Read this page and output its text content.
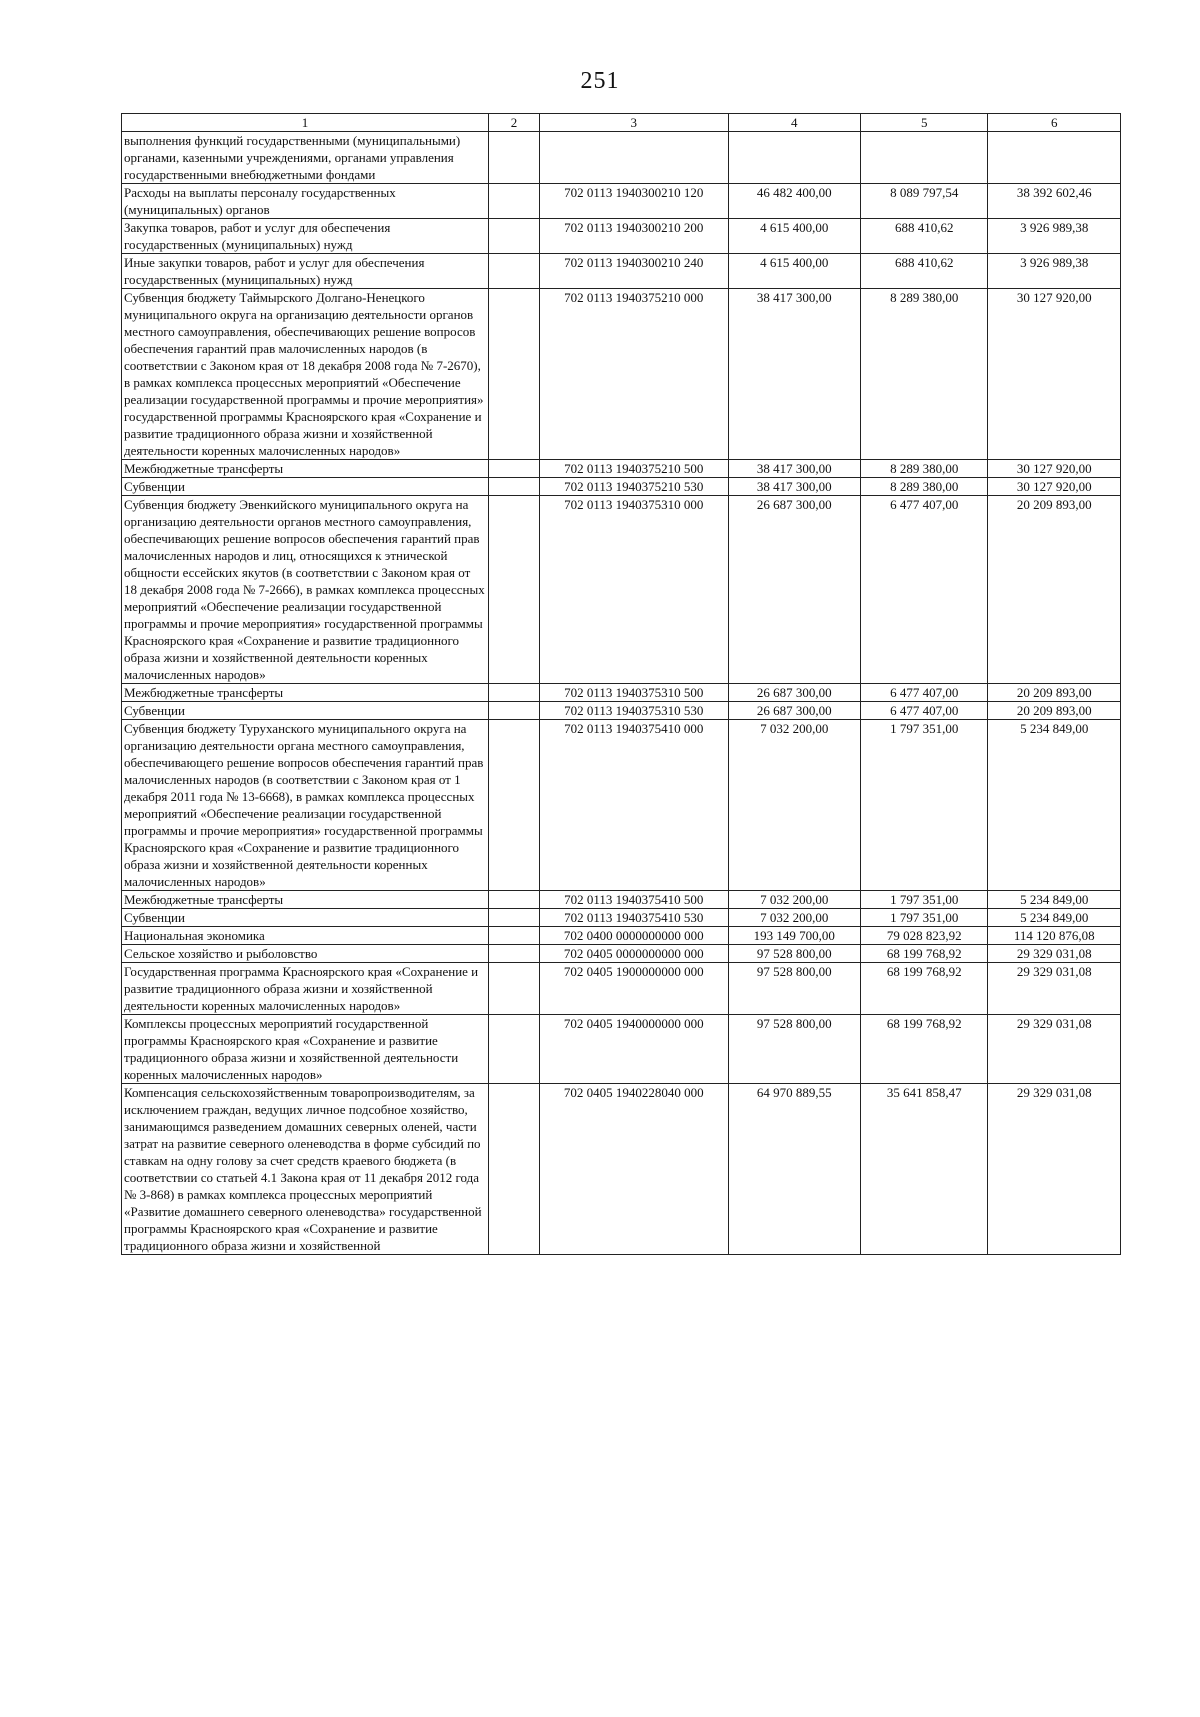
251
1	2	3	4	5	6
выполнения функций государственными (муниципальными) органами, казенными учреждениями, органами управления государственными внебюджетными фондами					
Расходы на выплаты персоналу государственных (муниципальных) органов		702 0113 1940300210 120	46 482 400,00	8 089 797,54	38 392 602,46
Закупка товаров, работ и услуг для обеспечения государственных (муниципальных) нужд		702 0113 1940300210 200	4 615 400,00	688 410,62	3 926 989,38
Иные закупки товаров, работ и услуг для обеспечения государственных (муниципальных) нужд		702 0113 1940300210 240	4 615 400,00	688 410,62	3 926 989,38
Субвенция бюджету Таймырского Долгано-Ненецкого муниципального округа на организацию деятельности органов местного самоуправления, обеспечивающих решение вопросов обеспечения гарантий прав малочисленных народов (в соответствии с Законом края от 18 декабря 2008 года № 7-2670), в рамках комплекса процессных мероприятий «Обеспечение реализации государственной программы и прочие мероприятия» государственной программы Красноярского края «Сохранение и развитие традиционного образа жизни и хозяйственной деятельности коренных малочисленных народов»		702 0113 1940375210 000	38 417 300,00	8 289 380,00	30 127 920,00
Межбюджетные трансферты		702 0113 1940375210 500	38 417 300,00	8 289 380,00	30 127 920,00
Субвенции		702 0113 1940375210 530	38 417 300,00	8 289 380,00	30 127 920,00
Субвенция бюджету Эвенкийского муниципального округа на организацию деятельности органов местного самоуправления, обеспечивающих решение вопросов обеспечения гарантий прав малочисленных народов и лиц, относящихся к этнической общности ессейских якутов (в соответствии с Законом края от 18 декабря 2008 года № 7-2666), в рамках комплекса процессных мероприятий «Обеспечение реализации государственной программы и прочие мероприятия» государственной программы Красноярского края «Сохранение и развитие традиционного образа жизни и хозяйственной деятельности коренных малочисленных народов»		702 0113 1940375310 000	26 687 300,00	6 477 407,00	20 209 893,00
Межбюджетные трансферты		702 0113 1940375310 500	26 687 300,00	6 477 407,00	20 209 893,00
Субвенции		702 0113 1940375310 530	26 687 300,00	6 477 407,00	20 209 893,00
Субвенция бюджету Туруханского муниципального округа на организацию деятельности органа местного самоуправления, обеспечивающего решение вопросов обеспечения гарантий прав малочисленных народов (в соответствии с Законом края от 1 декабря 2011 года № 13-6668), в рамках комплекса процессных мероприятий «Обеспечение реализации государственной программы и прочие мероприятия» государственной программы Красноярского края «Сохранение и развитие традиционного образа жизни и хозяйственной деятельности коренных малочисленных народов»		702 0113 1940375410 000	7 032 200,00	1 797 351,00	5 234 849,00
Межбюджетные трансферты		702 0113 1940375410 500	7 032 200,00	1 797 351,00	5 234 849,00
Субвенции		702 0113 1940375410 530	7 032 200,00	1 797 351,00	5 234 849,00
Национальная экономика		702 0400 0000000000 000	193 149 700,00	79 028 823,92	114 120 876,08
Сельское хозяйство и рыболовство		702 0405 0000000000 000	97 528 800,00	68 199 768,92	29 329 031,08
Государственная программа Красноярского края «Сохранение и развитие традиционного образа жизни и хозяйственной деятельности коренных малочисленных народов»		702 0405 1900000000 000	97 528 800,00	68 199 768,92	29 329 031,08
Комплексы процессных мероприятий государственной программы Красноярского края «Сохранение и развитие традиционного образа жизни и хозяйственной деятельности коренных малочисленных народов»		702 0405 1940000000 000	97 528 800,00	68 199 768,92	29 329 031,08
Компенсация сельскохозяйственным товаропроизводителям, за исключением граждан, ведущих личное подсобное хозяйство, занимающимся разведением домашних северных оленей, части затрат на развитие северного оленеводства в форме субсидий по ставкам на одну голову за счет средств краевого бюджета (в соответствии со статьей 4.1 Закона края от 11 декабря 2012 года № 3-868) в рамках комплекса процессных мероприятий «Развитие домашнего северного оленеводства» государственной программы Красноярского края «Сохранение и развитие традиционного образа жизни и хозяйственной		702 0405 1940228040 000	64 970 889,55	35 641 858,47	29 329 031,08
